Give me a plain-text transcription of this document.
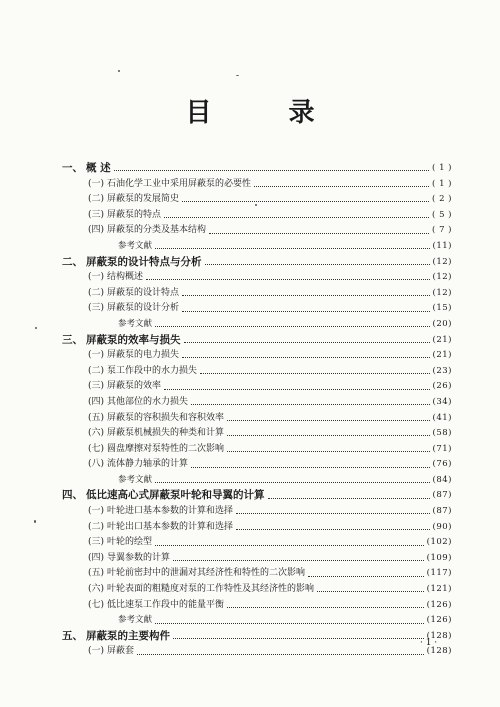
目 录
一、 概 述	( 1 )
(一) 石油化学工业中采用屏蔽泵的必要性	( 1 )
(二) 屏蔽泵的发展简史	( 2 )
(三) 屏蔽泵的特点	( 5 )
(四) 屏蔽泵的分类及基本结构	( 7 )
参考文献	(11)
二、 屏蔽泵的设计特点与分析	(12)
(一) 结构概述	(12)
(二) 屏蔽泵的设计特点	(12)
(三) 屏蔽泵的设计分析	(15)
参考文献	(20)
三、 屏蔽泵的效率与损失	(21)
(一) 屏蔽泵的电力损失	(21)
(二) 泵工作段中的水力损失	(23)
(三) 屏蔽泵的效率	(26)
(四) 其他部位的水力损失	(34)
(五) 屏蔽泵的容积损失和容积效率	(41)
(六) 屏蔽泵机械损失的种类和计算	(58)
(七) 圆盘摩擦对泵特性的二次影响	(71)
(八) 流体静力轴承的计算	(76)
参考文献	(84)
四、 低比速高心式屏蔽泵叶轮和导翼的计算	(87)
(一) 叶轮进口基本参数的计算和选择	(87)
(二) 叶轮出口基本参数的计算和选择	(90)
(三) 叶轮的绘型	(102)
(四) 导翼参数的计算	(109)
(五) 叶轮前密封中的泄漏对其经济性和特性的二次影响	(117)
(六) 叶轮表面的粗糙度对泵的工作特性及其经济性的影响	(121)
(七) 低比速泵工作段中的能量平衡	(126)
参考文献	(126)
五、 屏蔽泵的主要构件	(128)
(一) 屏蔽套	(128)
· 1 ·
